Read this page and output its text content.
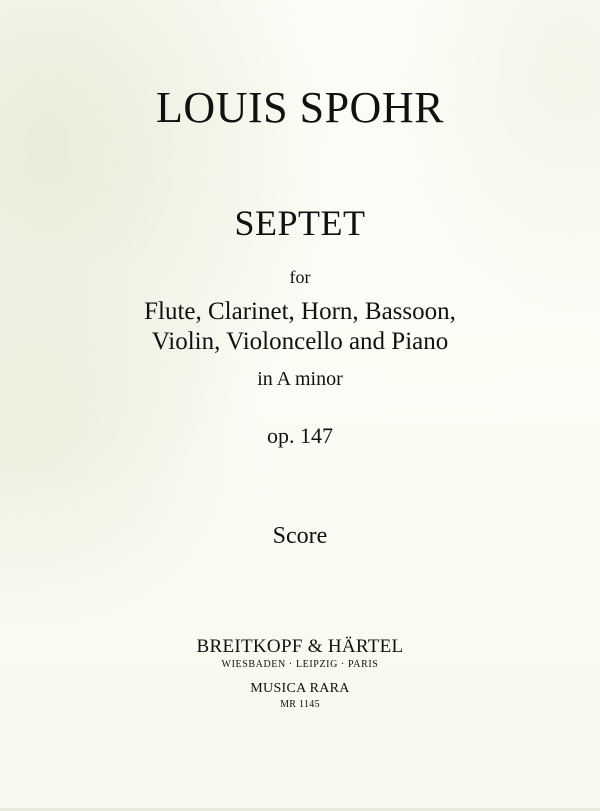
LOUIS SPOHR
SEPTET
for
Flute, Clarinet, Horn, Bassoon,
Violin, Violoncello and Piano
in A minor
op. 147
Score
BREITKOPF & HÄRTEL
WIESBADEN · LEIPZIG · PARIS
MUSICA RARA
MR 1145
